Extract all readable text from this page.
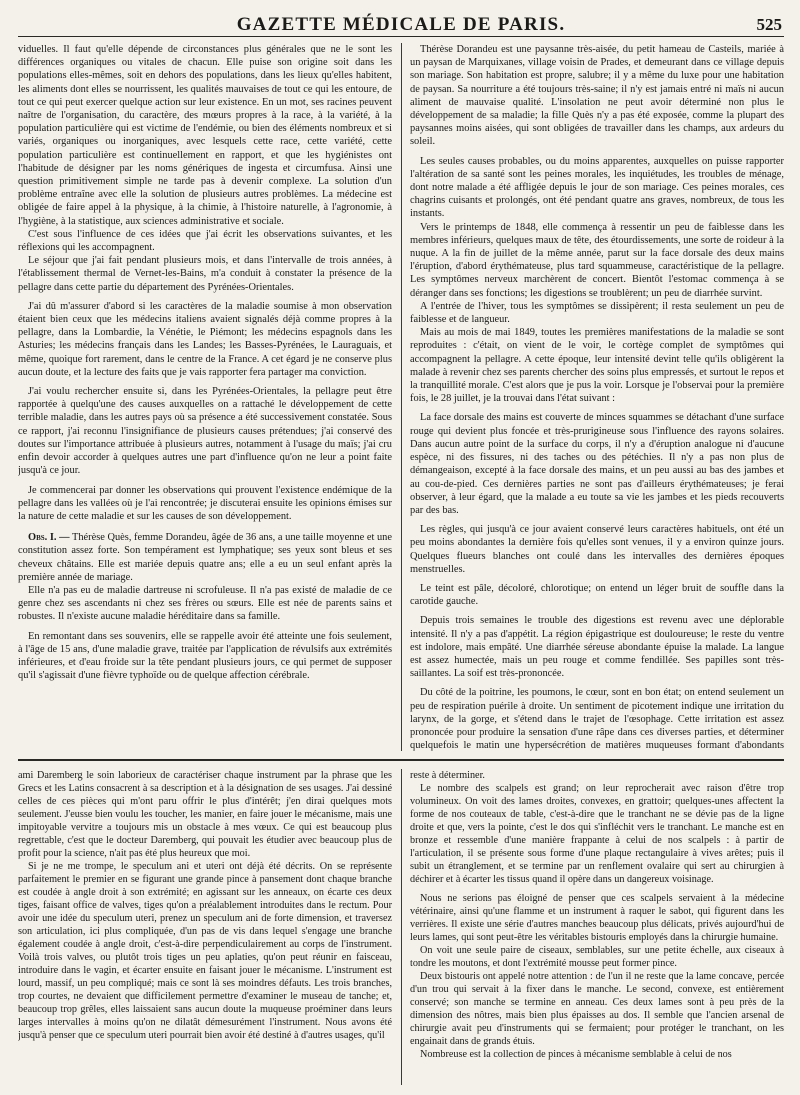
GAZETTE MÉDICALE DE PARIS.	525

viduelles. Il faut qu'elle dépende de circonstances plus générales que ne le sont les différences organiques ou vitales de chacun. Elle puise son origine soit dans les populations elles-mêmes, soit en dehors des populations, dans les lieux qu'elles habitent, les aliments dont elles se nourrissent, les qualités mauvaises de tout ce qui les entoure, de tout ce qui peut exercer quelque action sur leur existence. En un mot, ses racines peuvent naître de l'organisation, du caractère, des mœurs propres à la race, à la variété, à la population particulière qui est victime de l'endémie, ou bien des éléments nombreux et si variés, organiques ou inorganiques, avec lesquels cette race, cette variété, cette population particulière est continuellement en rapport, et que les hygiénistes ont l'habitude de désigner par les noms génériques de ingesta et circumfusa. Ainsi une question primitivement simple ne tarde pas à devenir complexe. La solution d'un problème entraîne avec elle la solution de plusieurs autres problèmes. La médecine est obligée de faire appel à la physique, à la chimie, à l'histoire naturelle, à l'agronomie, à l'hygiène, à la statistique, aux sciences administrative et sociale.

C'est sous l'influence de ces idées que j'ai écrit les observations suivantes, et les réflexions qui les accompagnent.

Le séjour que j'ai fait pendant plusieurs mois, et dans l'intervalle de trois années, à l'établissement thermal de Vernet-les-Bains, m'a conduit à constater la présence de la pellagre dans cette partie du département des Pyrénées-Orientales.

J'ai dû m'assurer d'abord si les caractères de la maladie soumise à mon observation étaient bien ceux que les médecins italiens avaient signalés déjà comme propres à la pellagre, dans la Lombardie, la Vénétie, le Piémont; les médecins espagnols dans les Asturies; les médecins français dans les Landes; les Basses-Pyrénées, le Lauraguais, et même, quoique fort rarement, dans le centre de la France. A cet égard je ne conserve plus aucun doute, et la lecture des faits que je vais rapporter fera partager ma conviction.

J'ai voulu rechercher ensuite si, dans les Pyrénées-Orientales, la pellagre peut être rapportée à quelqu'une des causes auxquelles on a rattaché le développement de cette terrible maladie, dans les autres pays où sa présence a été successivement constatée. Sous ce rapport, j'ai reconnu l'insignifiance de plusieurs causes prétendues; j'ai conservé des doutes sur l'importance attribuée à plusieurs autres, notamment à l'usage du maïs; j'ai cru enfin devoir accorder à quelques autres une part d'influence qu'on ne leur a point faite jusqu'à ce jour.

Je commencerai par donner les observations qui prouvent l'existence endémique de la pellagre dans les vallées où je l'ai rencontrée; je discuterai ensuite les opinions émises sur la nature de cette maladie et sur les causes de son développement.

Obs. I. — Thérèse Quès, femme Dorandeu, âgée de 36 ans, a une taille moyenne et une constitution assez forte. Son tempérament est lymphatique; ses yeux sont bleus et ses cheveux châtains. Elle est mariée depuis quatre ans; elle a eu un seul enfant après la première année de mariage.

Elle n'a pas eu de maladie dartreuse ni scrofuleuse. Il n'a pas existé de maladie de ce genre chez ses ascendants ni chez ses frères ou sœurs. Elle est née de parents sains et robustes. Il n'existe aucune maladie héréditaire dans sa famille.

En remontant dans ses souvenirs, elle se rappelle avoir été atteinte une fois seulement, à l'âge de 15 ans, d'une maladie grave, traitée par l'application de révulsifs aux extrémités inférieures, et d'eau froide sur la tête pendant plusieurs jours, ce qui permet de supposer qu'il s'agissait d'une fièvre typhoïde ou de quelque affection cérébrale.

Thérèse Dorandeu est une paysanne très-aisée, du petit hameau de Casteils, mariée à un paysan de Marquixanes, village voisin de Prades, et demeurant dans ce village depuis son mariage. Son habitation est propre, salubre; il y a même du luxe pour une habitation de paysan. Sa nourriture a été toujours très-saine; il n'y est jamais entré ni maïs ni aucun aliment de mauvaise qualité. L'insolation ne peut avoir déterminé non plus le développement de sa maladie; la fille Quès n'y a pas été exposée, comme la plupart des paysannes moins aisées, qui sont obligées de travailler dans les champs, aux ardeurs du soleil.

Les seules causes probables, ou du moins apparentes, auxquelles on puisse rapporter l'altération de sa santé sont les peines morales, les inquiétudes, les troubles de ménage, dont notre malade a été affligée depuis le jour de son mariage. Ces peines morales, ces chagrins cuisants et prolongés, ont été pendant quatre ans graves, nombreux, de tous les instants.

Vers le printemps de 1848, elle commença à ressentir un peu de faiblesse dans les membres inférieurs, quelques maux de tête, des étourdissements, une sorte de roideur à la nuque. A la fin de juillet de la même année, parut sur la face dorsale des deux mains l'éruption, d'abord érythémateuse, plus tard squammeuse, caractéristique de la pellagre. Les symptômes nerveux marchèrent de concert. Bientôt l'estomac commença à se déranger dans ses fonctions; les digestions se troublèrent; un peu de diarrhée survint.

A l'entrée de l'hiver, tous les symptômes se dissipèrent; il resta seulement un peu de faiblesse et de langueur.

Mais au mois de mai 1849, toutes les premières manifestations de la maladie se sont reproduites : c'était, on vient de le voir, le cortège complet de symptômes qui accompagnent la pellagre. A cette époque, leur intensité devint telle qu'ils obligèrent la malade à revenir chez ses parents chercher des soins plus empressés, et surtout le repos et la tranquillité morale. C'est alors que je pus la voir. Lorsque je l'observai pour la première fois, le 28 juillet, je la trouvai dans l'état suivant :

La face dorsale des mains est couverte de minces squammes se détachant d'une surface rouge qui devient plus foncée et très-prurigineuse sous l'influence des rayons solaires. Dans aucun autre point de la surface du corps, il n'y a d'éruption analogue ni d'aucune espèce, ni des fissures, ni des taches ou des pétéchies. Il n'y a pas non plus de démangeaison, excepté à la face dorsale des mains, et un peu aussi au bas des jambes et au cou-de-pied. Ces dernières parties ne sont pas d'ailleurs érythémateuses; je ferai observer, à leur égard, que la malade a eu toute sa vie les jambes et les pieds recouverts par des bas.

Les règles, qui jusqu'à ce jour avaient conservé leurs caractères habituels, ont été un peu moins abondantes la dernière fois qu'elles sont venues, il y a environ quinze jours. Quelques flueurs blanches ont coulé dans les intervalles des dernières époques menstruelles.

Le teint est pâle, décoloré, chlorotique; on entend un léger bruit de souffle dans la carotide gauche.

Depuis trois semaines le trouble des digestions est revenu avec une déplorable intensité. Il n'y a pas d'appétit. La région épigastrique est douloureuse; le reste du ventre est indolore, mais empâté. Une diarrhée séreuse abondante épuise la malade. La langue est assez humectée, mais un peu rouge et comme fendillée. Ses papilles sont très-saillantes. La soif est très-prononcée.

Du côté de la poitrine, les poumons, le cœur, sont en bon état; on entend seulement un peu de respiration puérile à droite. Un sentiment de picotement indique une irritation du larynx, de la gorge, et s'étend dans le trajet de l'œsophage. Cette irritation est assez prononcée pour produire la sensation d'une râpe dans ces diverses parties, et déterminer quelquefois le matin une hypersécrétion de matières muqueuses formant d'abondants

ami Daremberg le soin laborieux de caractériser chaque instrument par la phrase que les Grecs et les Latins consacrent à sa description et à la désignation de ses usages. J'ai dessiné celles de ces pièces qui m'ont paru offrir le plus d'intérêt; j'en dirai quelques mots seulement. J'eusse bien voulu les toucher, les manier, en faire jouer le mécanisme, mais une impitoyable vervitre a toujours mis un obstacle à mes vœux. Ce qui est beaucoup plus regrettable, c'est que le docteur Daremberg, qui pouvait les étudier avec beaucoup plus de profit pour la science, n'ait pas été plus heureux que moi.

Si je ne me trompe, le speculum ani et uteri ont déjà été décrits. On se représente parfaitement le premier en se figurant une grande pince à pansement dont chaque branche est coudée à angle droit à son extrémité; en agissant sur les anneaux, on écarte ces deux tiges, faisant office de valves, tiges qu'on a préalablement introduites dans le rectum. Pour avoir une idée du speculum uteri, prenez un speculum ani de forte dimension, et traversez son articulation, ici plus compliquée, d'un pas de vis dans lequel s'engage une branche également coudée à angle droit, c'est-à-dire perpendiculairement au corps de l'instrument. Voilà trois valves, ou plutôt trois tiges un peu aplaties, qu'on peut réunir en faisceau, introduire dans le vagin, et écarter ensuite en faisant jouer le mécanisme. L'instrument est lourd, massif, un peu compliqué; mais ce sont là ses moindres défauts. Les trois branches, trop courtes, ne devaient que difficilement permettre d'examiner le museau de tanche; et, beaucoup trop grêles, elles laissaient sans aucun doute la muqueuse proéminer dans leurs larges intervalles à moins qu'on ne dilatât démesurément l'instrument. Nous avons été jusqu'à penser que ce speculum uteri pourrait bien avoir été destiné à d'autres usages, qu'il

reste à déterminer.

Le nombre des scalpels est grand; on leur reprocherait avec raison d'être trop volumineux. On voit des lames droites, convexes, en grattoir; quelques-unes affectent la forme de nos couteaux de table, c'est-à-dire que le tranchant ne se dévie pas de la ligne droite et que, vers la pointe, c'est le dos qui s'infléchit vers le tranchant. Le manche est en bronze et ressemble d'une manière frappante à celui de nos scalpels : à partir de l'articulation, il se présente sous forme d'une plaque rectangulaire à vives arêtes; puis il subit un étranglement, et se termine par un renflement ovalaire qui sert au chirurgien à déchirer et à écarter les tissus quand il opère dans un dangereux voisinage.

Nous ne serions pas éloigné de penser que ces scalpels servaient à la médecine vétérinaire, ainsi qu'une flamme et un instrument à raquer le sabot, qui figurent dans les verrières. Il existe une série d'autres manches beaucoup plus délicats, privés aujourd'hui de leurs lames, qui sont peut-être les véritables bistouris employés dans la chirurgie humaine.

On voit une seule paire de ciseaux, semblables, sur une petite échelle, aux ciseaux à tondre les moutons, et dont l'extrémité mousse peut former pince.

Deux bistouris ont appelé notre attention : de l'un il ne reste que la lame concave, percée d'un trou qui servait à la fixer dans le manche. Le second, convexe, est entièrement conservé; son manche se termine en anneau. Ces deux lames sont à peu près de la dimension des nôtres, mais bien plus épaisses au dos. Il semble que l'ancien arsenal de chirurgie avait peu d'instruments qui se fermaient; pour protéger le tranchant, on les engainait dans de grands étuis.

Nombreuse est la collection de pinces à mécanisme semblable à celui de nos
